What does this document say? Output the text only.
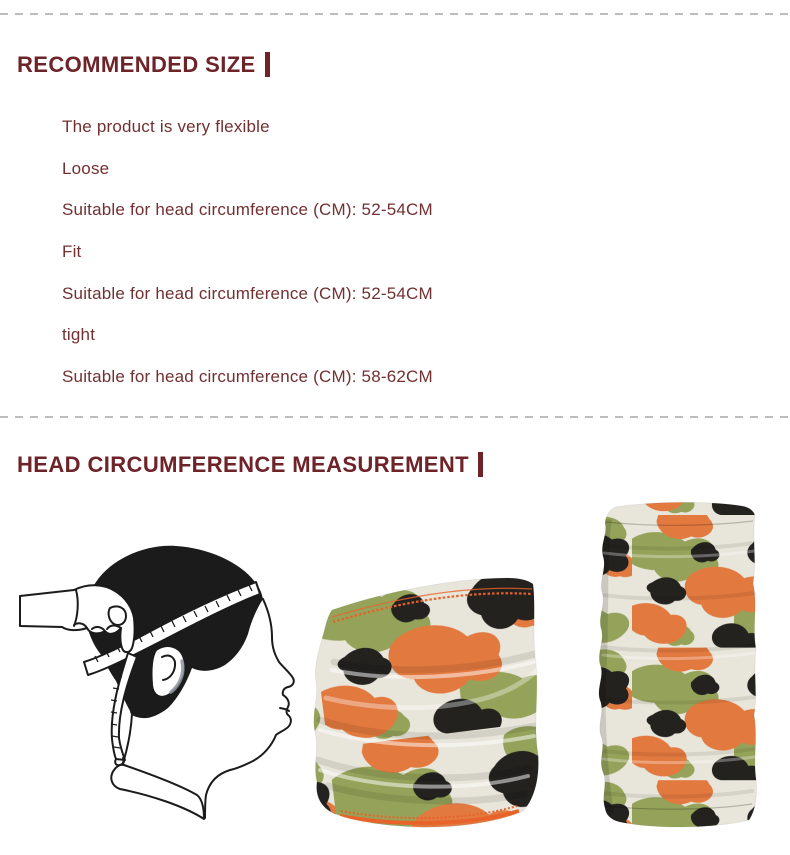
RECOMMENDED SIZE
The product is very flexible
Loose
Suitable for head circumference (CM): 52-54CM
Fit
Suitable for head circumference (CM): 52-54CM
tight
Suitable for head circumference (CM): 58-62CM
HEAD CIRCUMFERENCE MEASUREMENT
